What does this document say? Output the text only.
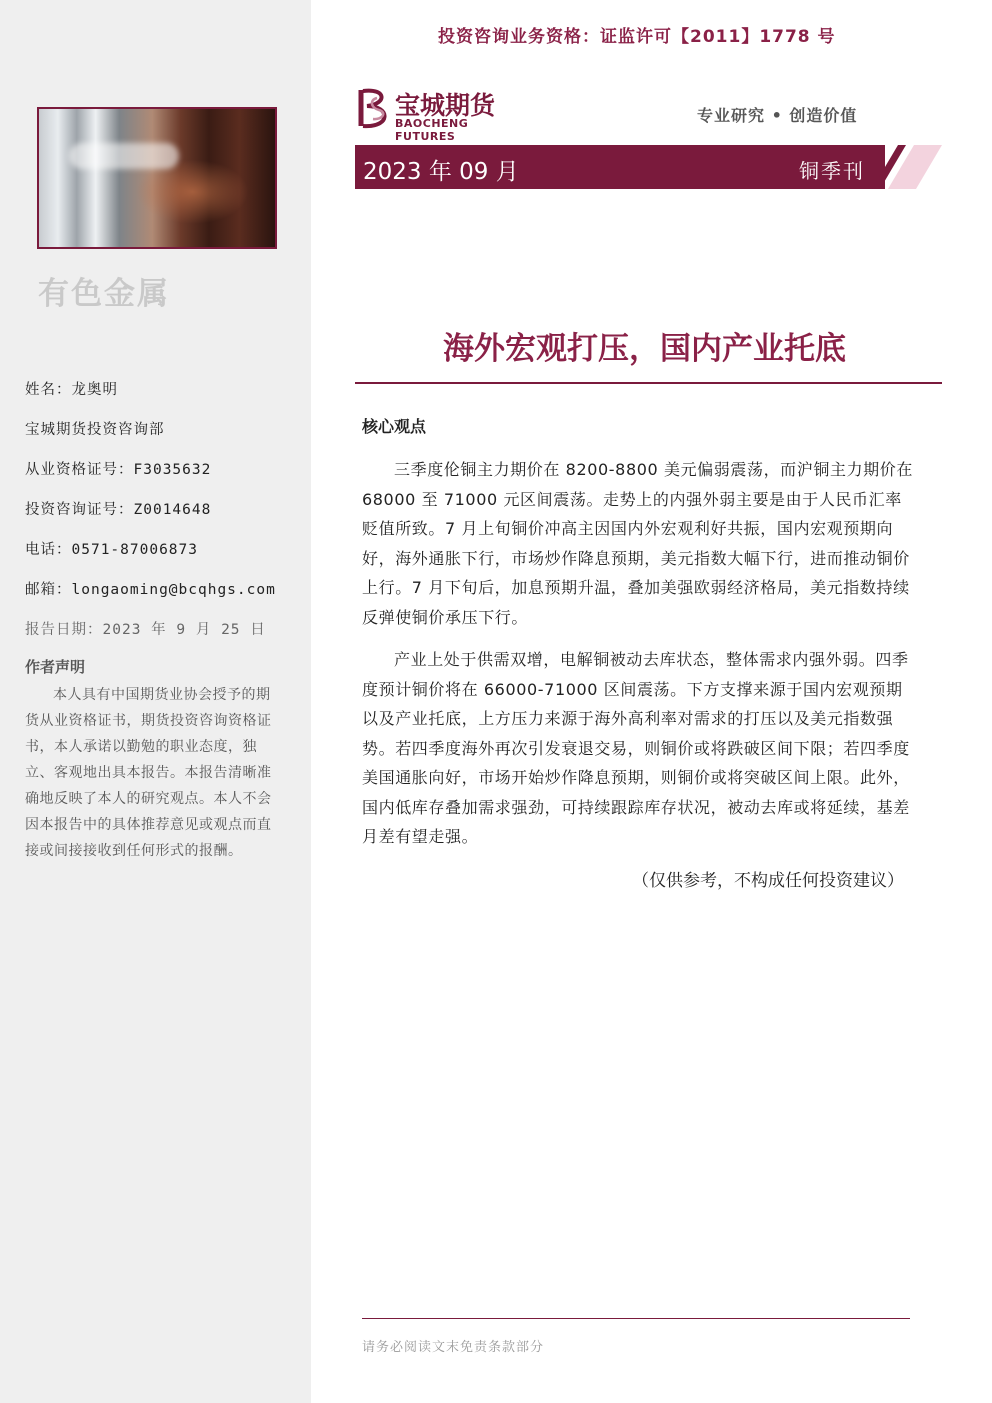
有色金属
姓名：龙奥明
宝城期货投资咨询部
从业资格证号：F3035632
投资咨询证号：Z0014648
电话：0571-87006873
邮箱：longaoming@bcqhgs.com
报告日期：2023 年 9 月 25 日
作者声明
本人具有中国期货业协会授予的期货从业资格证书，期货投资咨询资格证书，本人承诺以勤勉的职业态度，独立、客观地出具本报告。本报告清晰准确地反映了本人的研究观点。本人不会因本报告中的具体推荐意见或观点而直接或间接接收到任何形式的报酬。
投资咨询业务资格：证监许可【2011】1778 号
宝城期货
BAOCHENG FUTURES
专业研究 • 创造价值
2023 年 09 月	铜季刊
海外宏观打压，国内产业托底
核心观点
三季度伦铜主力期价在 8200-8800 美元偏弱震荡，而沪铜主力期价在 68000 至 71000 元区间震荡。走势上的内强外弱主要是由于人民币汇率贬值所致。7 月上旬铜价冲高主因国内外宏观利好共振，国内宏观预期向好，海外通胀下行，市场炒作降息预期，美元指数大幅下行，进而推动铜价上行。7 月下旬后，加息预期升温，叠加美强欧弱经济格局，美元指数持续反弹使铜价承压下行。
产业上处于供需双增，电解铜被动去库状态，整体需求内强外弱。四季度预计铜价将在 66000-71000 区间震荡。下方支撑来源于国内宏观预期以及产业托底，上方压力来源于海外高利率对需求的打压以及美元指数强势。若四季度海外再次引发衰退交易，则铜价或将跌破区间下限；若四季度美国通胀向好，市场开始炒作降息预期，则铜价或将突破区间上限。此外，国内低库存叠加需求强劲，可持续跟踪库存状况，被动去库或将延续，基差月差有望走强。
（仅供参考，不构成任何投资建议）
请务必阅读文末免责条款部分
